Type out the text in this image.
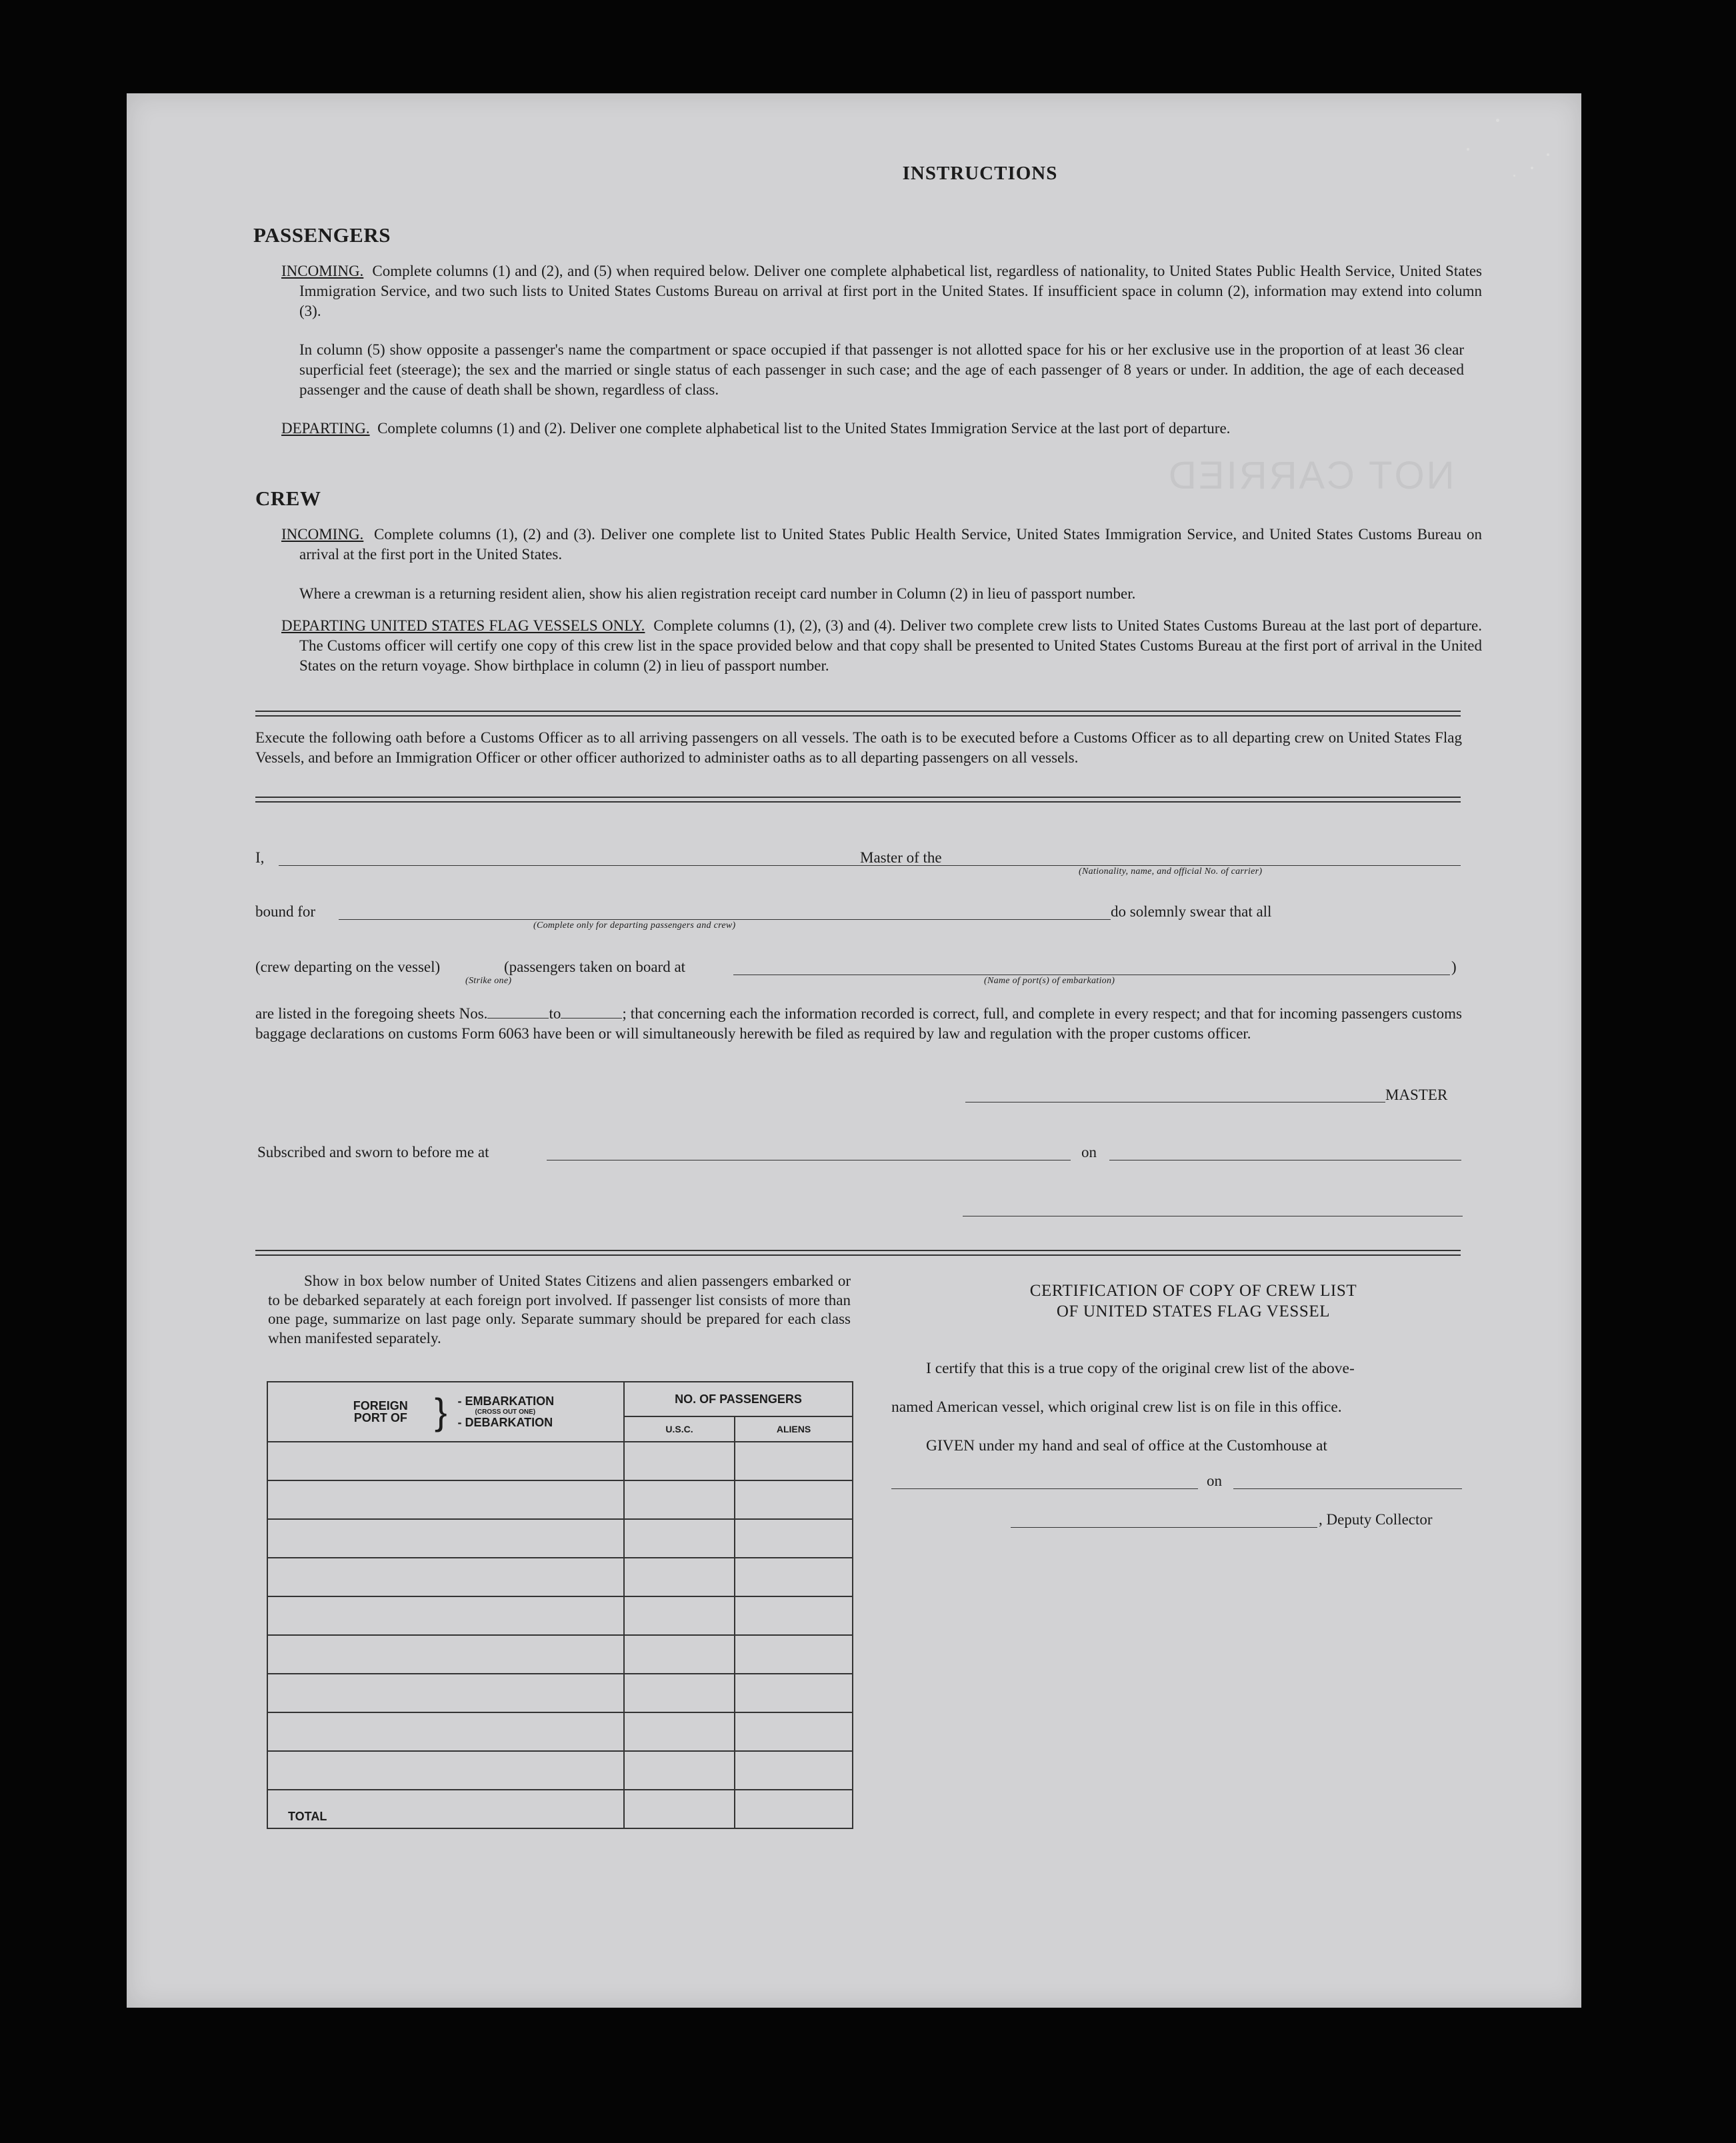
NOT CARRIED
INSTRUCTIONS
PASSENGERS
INCOMING. Complete columns (1) and (2), and (5) when required below. Deliver one complete alphabetical list, regardless of nationality, to United States Public Health Service, United States Immigration Service, and two such lists to United States Customs Bureau on arrival at first port in the United States. If insufficient space in column (2), information may extend into column (3).
In column (5) show opposite a passenger's name the compartment or space occupied if that passenger is not allotted space for his or her exclusive use in the proportion of at least 36 clear superficial feet (steerage); the sex and the married or single status of each passenger in such case; and the age of each passenger of 8 years or under. In addition, the age of each deceased passenger and the cause of death shall be shown, regardless of class.
DEPARTING. Complete columns (1) and (2). Deliver one complete alphabetical list to the United States Immigration Service at the last port of departure.
CREW
INCOMING. Complete columns (1), (2) and (3). Deliver one complete list to United States Public Health Service, United States Immigration Service, and United States Customs Bureau on arrival at the first port in the United States.
Where a crewman is a returning resident alien, show his alien registration receipt card number in Column (2) in lieu of passport number.
DEPARTING UNITED STATES FLAG VESSELS ONLY. Complete columns (1), (2), (3) and (4). Deliver two complete crew lists to United States Customs Bureau at the last port of departure. The Customs officer will certify one copy of this crew list in the space provided below and that copy shall be presented to United States Customs Bureau at the first port of arrival in the United States on the return voyage. Show birthplace in column (2) in lieu of passport number.
Execute the following oath before a Customs Officer as to all arriving passengers on all vessels. The oath is to be executed before a Customs Officer as to all departing crew on United States Flag Vessels, and before an Immigration Officer or other officer authorized to administer oaths as to all departing passengers on all vessels.
I,	Master of the
(Nationality, name, and official No. of carrier)
bound for
(Complete only for departing passengers and crew)
do solemnly swear that all
(crew departing on the vessel)	(passengers taken on board at	)
(Strike one)	(Name of port(s) of embarkation)
are listed in the foregoing sheets Nos.	to	; that concerning each the information recorded is correct, full, and complete in every respect; and that for incoming passengers customs baggage declarations on customs Form 6063 have been or will simultaneously herewith be filed as required by law and regulation with the proper customs officer.
MASTER
Subscribed and sworn to before me at	on
Show in box below number of United States Citizens and alien passengers embarked or to be debarked separately at each foreign port involved. If passenger list consists of more than one page, summarize on last page only. Separate summary should be prepared for each class when manifested separately.
FOREIGN PORT OF } - EMBARKATION
(CROSS OUT ONE)
- DEBARKATION	NO. OF PASSENGERS	
	U.S.C.	ALIENS

TOTAL		

CERTIFICATION OF COPY OF CREW LIST
OF UNITED STATES FLAG VESSEL
I certify that this is a true copy of the original crew list of the above-
named American vessel, which original crew list is on file in this office.
GIVEN under my hand and seal of office at the Customhouse at
on
, Deputy Collector
